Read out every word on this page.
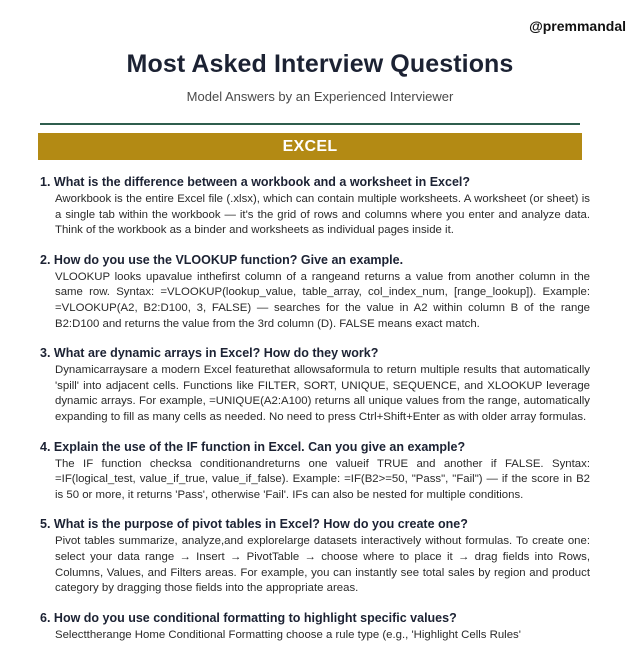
@premmandal
Most Asked Interview Questions
Model Answers by an Experienced Interviewer
EXCEL
1. What is the difference between a workbook and a worksheet in Excel?
Aworkbook is the entire Excel file (.xlsx), which can contain multiple worksheets. A worksheet (or sheet) is a single tab within the workbook — it's the grid of rows and columns where you enter and analyze data. Think of the workbook as a binder and worksheets as individual pages inside it.
2. How do you use the VLOOKUP function? Give an example.
VLOOKUP looks upavalue inthefirst column of a rangeand returns a value from another column in the same row. Syntax: =VLOOKUP(lookup_value, table_array, col_index_num, [range_lookup]). Example: =VLOOKUP(A2, B2:D100, 3, FALSE) — searches for the value in A2 within column B of the range B2:D100 and returns the value from the 3rd column (D). FALSE means exact match.
3. What are dynamic arrays in Excel? How do they work?
Dynamicarraysare a modern Excel featurethat allowsaformula to return multiple results that automatically 'spill' into adjacent cells. Functions like FILTER, SORT, UNIQUE, SEQUENCE, and XLOOKUP leverage dynamic arrays. For example, =UNIQUE(A2:A100) returns all unique values from the range, automatically expanding to fill as many cells as needed. No need to press Ctrl+Shift+Enter as with older array formulas.
4. Explain the use of the IF function in Excel. Can you give an example?
The IF function checksa conditionandreturns one valueif TRUE and another if FALSE. Syntax: =IF(logical_test, value_if_true, value_if_false). Example: =IF(B2>=50, "Pass", "Fail") — if the score in B2 is 50 or more, it returns 'Pass', otherwise 'Fail'. IFs can also be nested for multiple conditions.
5. What is the purpose of pivot tables in Excel? How do you create one?
Pivot tables summarize, analyze,and explorelarge datasets interactively without formulas. To create one: select your data range → Insert → PivotTable → choose where to place it → drag fields into Rows, Columns, Values, and Filters areas. For example, you can instantly see total sales by region and product category by dragging those fields into the appropriate areas.
6. How do you use conditional formatting to highlight specific values?
Selecttherange Home Conditional Formatting choose a rule type (e.g., 'Highlight Cells Rules'
